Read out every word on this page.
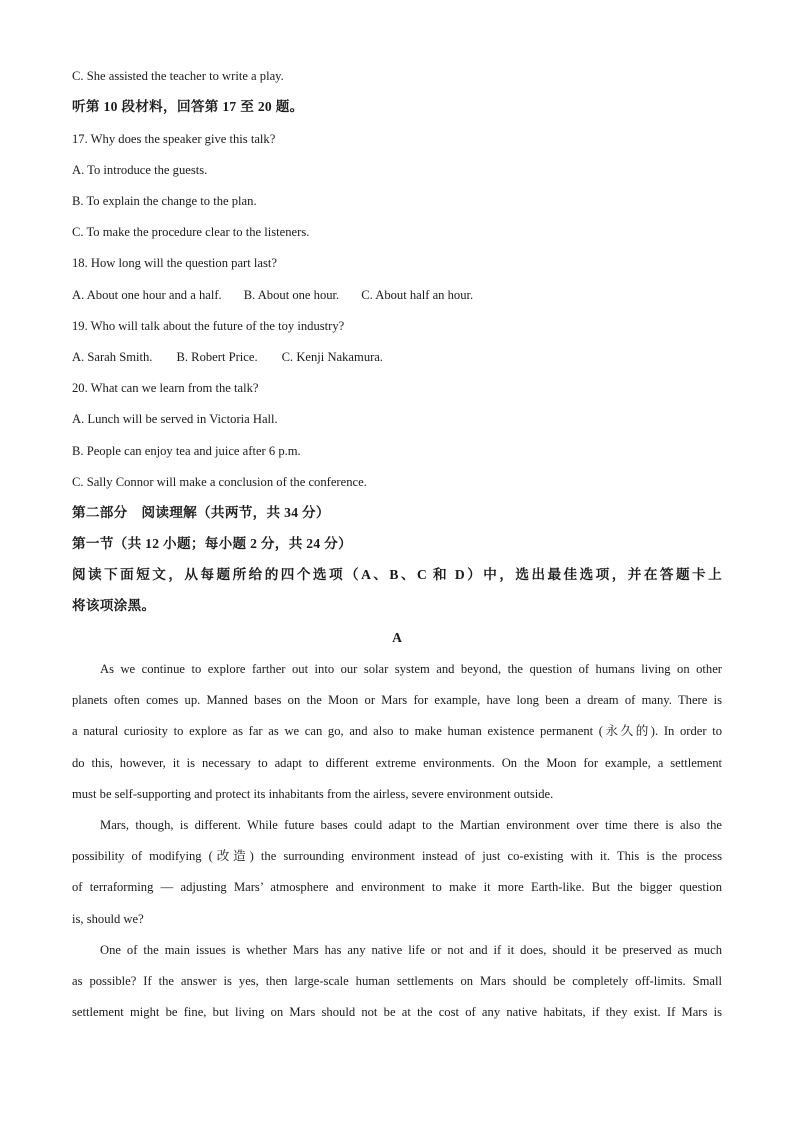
C. She assisted the teacher to write a play.
听第 10 段材料，回答第 17 至 20 题。
17. Why does the speaker give this talk?
A. To introduce the guests.
B. To explain the change to the plan.
C. To make the procedure clear to the listeners.
18. How long will the question part last?
A. About one hour and a half. B. About one hour. C. About half an hour.
19. Who will talk about the future of the toy industry?
A. Sarah Smith. B. Robert Price. C. Kenji Nakamura.
20. What can we learn from the talk?
A. Lunch will be served in Victoria Hall.
B. People can enjoy tea and juice after 6 p.m.
C. Sally Connor will make a conclusion of the conference.
第二部分　阅读理解（共两节，共 34 分）
第一节（共 12 小题；每小题 2 分，共 24 分）
阅读下面短文，从每题所给的四个选项（A、B、C 和 D）中，选出最佳选项，并在答题卡上
将该项涂黑。
A
As we continue to explore farther out into our solar system and beyond, the question of humans living on other
planets often comes up. Manned bases on the Moon or Mars for example, have long been a dream of many. There is
a natural curiosity to explore as far as we can go, and also to make human existence permanent (永久的). In order to
do this, however, it is necessary to adapt to different extreme environments. On the Moon for example, a settlement
must be self-supporting and protect its inhabitants from the airless, severe environment outside.
Mars, though, is different. While future bases could adapt to the Martian environment over time there is also the
possibility of modifying (改造) the surrounding environment instead of just co-existing with it. This is the process
of terraforming — adjusting Mars’ atmosphere and environment to make it more Earth-like. But the bigger question
is, should we?
One of the main issues is whether Mars has any native life or not and if it does, should it be preserved as much
as possible? If the answer is yes, then large-scale human settlements on Mars should be completely off-limits. Small
settlement might be fine, but living on Mars should not be at the cost of any native habitats, if they exist. If Mars is
